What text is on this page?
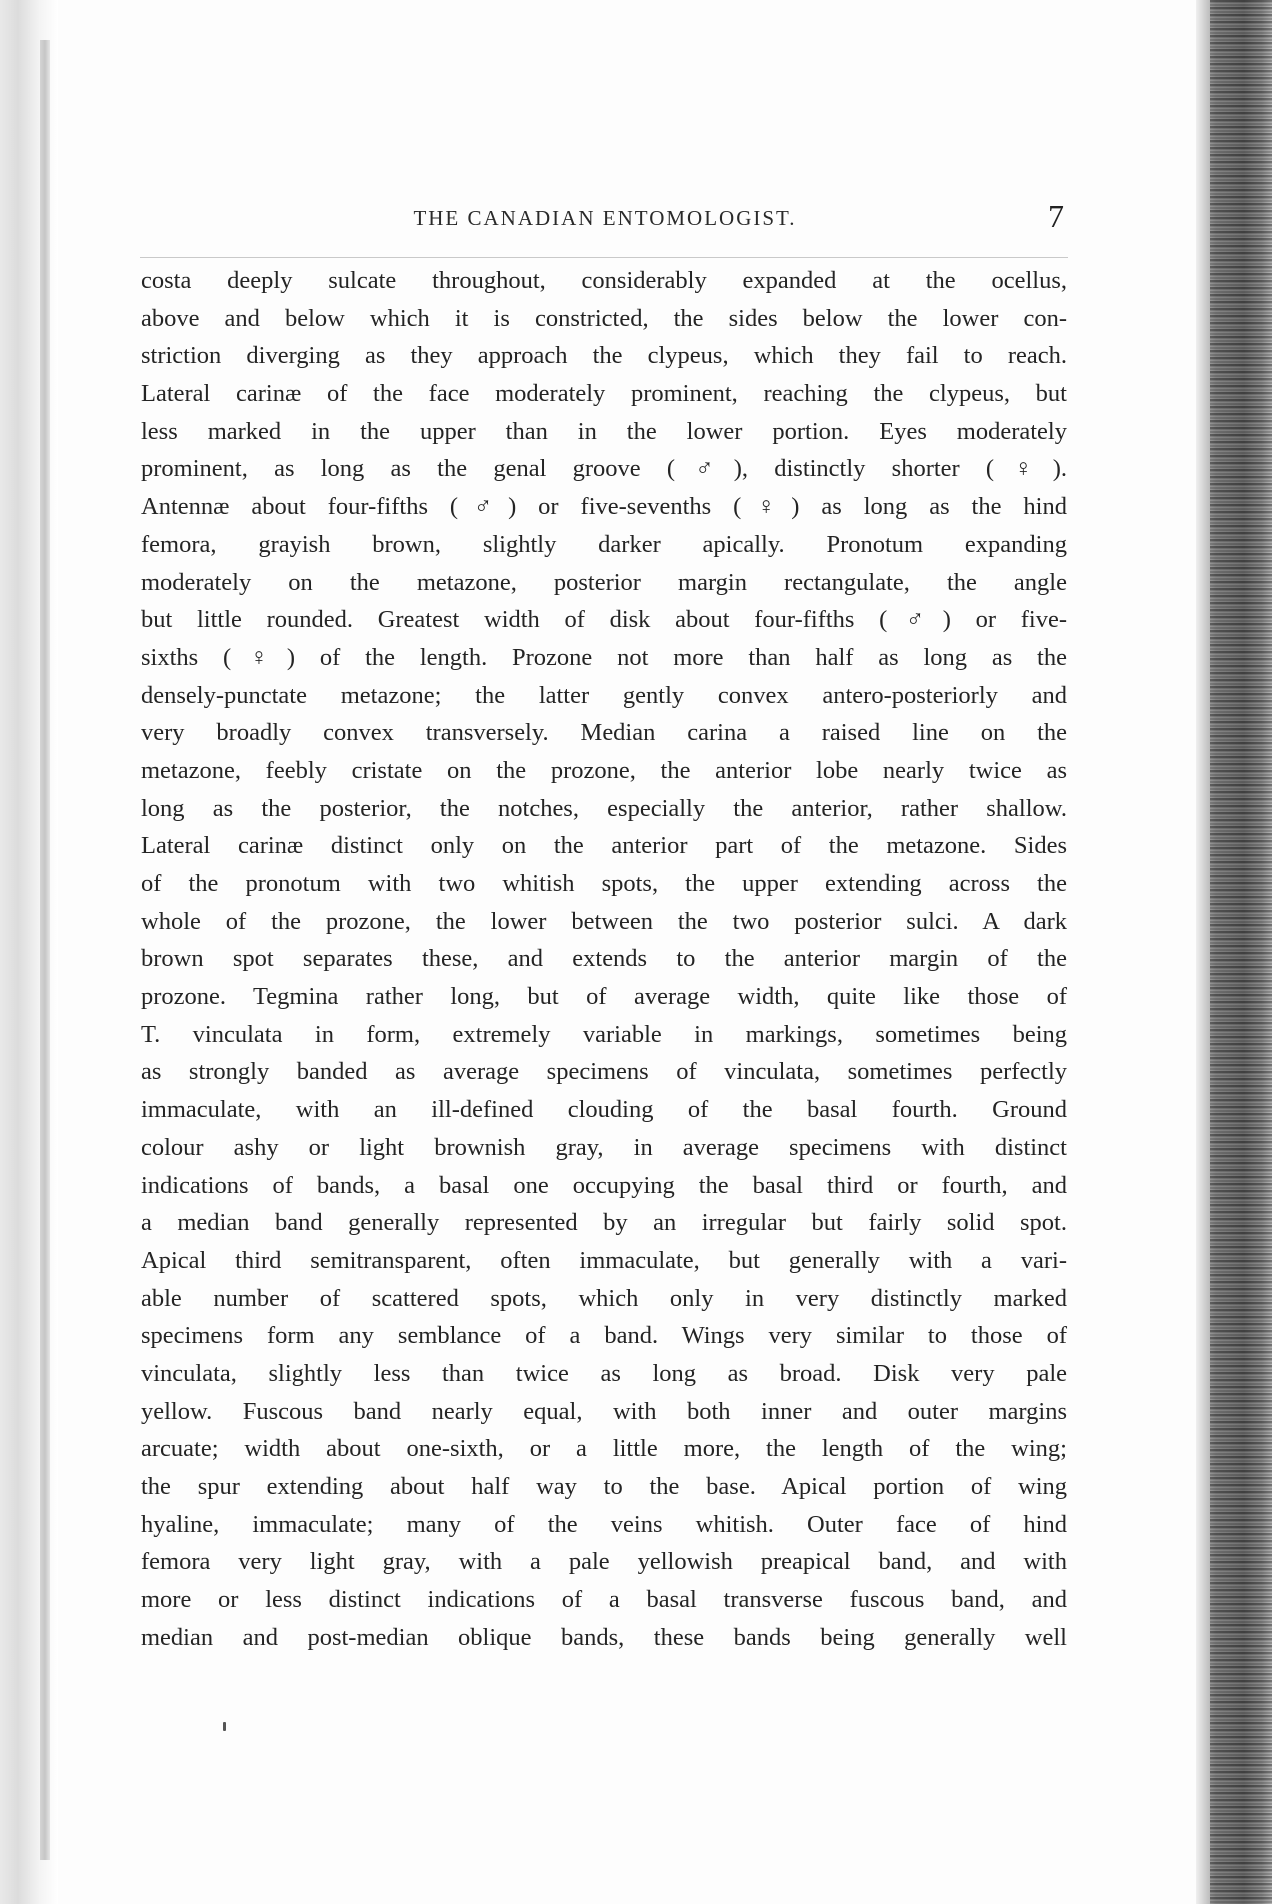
THE CANADIAN ENTOMOLOGIST.	7
costa deeply sulcate throughout, considerably expanded at the ocellus,
above and below which it is constricted, the sides below the lower con-
striction diverging as they approach the clypeus, which they fail to reach.
Lateral carinæ of the face moderately prominent, reaching the clypeus, but
less marked in the upper than in the lower portion. Eyes moderately
prominent, as long as the genal groove (♂), distinctly shorter (♀).
Antennæ about four-fifths (♂) or five-sevenths (♀) as long as the hind
femora, grayish brown, slightly darker apically. Pronotum expanding
moderately on the metazone, posterior margin rectangulate, the angle
but little rounded. Greatest width of disk about four-fifths (♂) or five-
sixths (♀) of the length. Prozone not more than half as long as the
densely-punctate metazone; the latter gently convex antero-posteriorly and
very broadly convex transversely. Median carina a raised line on the
metazone, feebly cristate on the prozone, the anterior lobe nearly twice as
long as the posterior, the notches, especially the anterior, rather shallow.
Lateral carinæ distinct only on the anterior part of the metazone. Sides
of the pronotum with two whitish spots, the upper extending across the
whole of the prozone, the lower between the two posterior sulci. A dark
brown spot separates these, and extends to the anterior margin of the
prozone. Tegmina rather long, but of average width, quite like those of
T. vinculata in form, extremely variable in markings, sometimes being
as strongly banded as average specimens of vinculata, sometimes perfectly
immaculate, with an ill-defined clouding of the basal fourth. Ground
colour ashy or light brownish gray, in average specimens with distinct
indications of bands, a basal one occupying the basal third or fourth, and
a median band generally represented by an irregular but fairly solid spot.
Apical third semitransparent, often immaculate, but generally with a vari-
able number of scattered spots, which only in very distinctly marked
specimens form any semblance of a band. Wings very similar to those of
vinculata, slightly less than twice as long as broad. Disk very pale
yellow. Fuscous band nearly equal, with both inner and outer margins
arcuate; width about one-sixth, or a little more, the length of the wing;
the spur extending about half way to the base. Apical portion of wing
hyaline, immaculate; many of the veins whitish. Outer face of hind
femora very light gray, with a pale yellowish preapical band, and with
more or less distinct indications of a basal transverse fuscous band, and
median and post-median oblique bands, these bands being generally well
